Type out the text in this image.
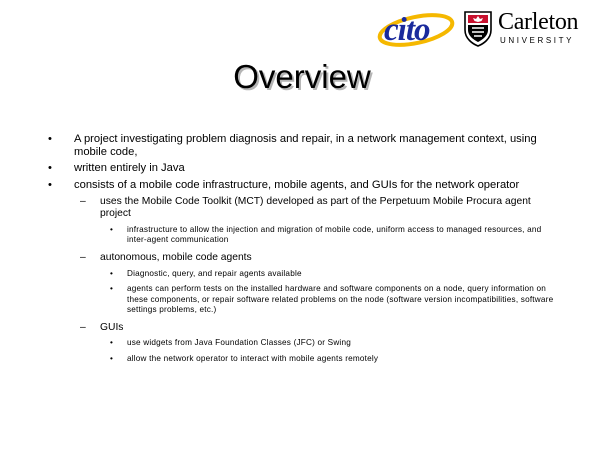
cito	Carleton
UNIVERSITY
Overview
• A project investigating problem diagnosis and repair, in a network management context, using mobile code,
• written entirely in Java
• consists of a mobile code infrastructure, mobile agents, and GUIs for the network operator
– uses the Mobile Code Toolkit (MCT) developed as part of the Perpetuum Mobile Procura agent project
• infrastructure to allow the injection and migration of mobile code, uniform access to managed resources, and inter-agent communication
– autonomous, mobile code agents
• Diagnostic, query, and repair agents available
• agents can perform tests on the installed hardware and software components on a node, query information on these components, or repair software related problems on the node (software version incompatibilities, software settings problems, etc.)
– GUIs
• use widgets from Java Foundation Classes (JFC) or Swing
• allow the network operator to interact with mobile agents remotely
